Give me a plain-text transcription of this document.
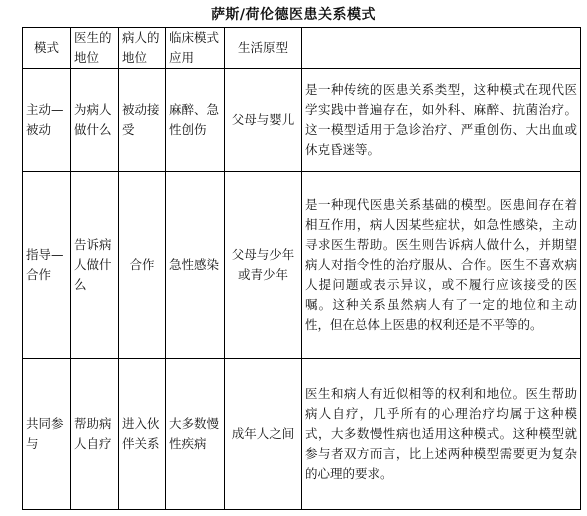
萨斯/荷伦德医患关系模式
模式	医生的地位	病人的地位	临床模式应用	生活原型	
主动—被动	为病人做什么	被动接受	麻醉、急性创伤	父母与婴儿	是一种传统的医患关系类型，这种模式在现代医学实践中普遍存在，如外科、麻醉、抗菌治疗。这一模型适用于急诊治疗、严重创伤、大出血或休克昏迷等。
指导—合作	告诉病人做什么	合作	急性感染	父母与少年或青少年	是一种现代医患关系基础的模型。医患间存在着相互作用，病人因某些症状，如急性感染，主动寻求医生帮助。医生则告诉病人做什么，并期望病人对指令性的治疗服从、合作。医生不喜欢病人提问题或表示异议，或不履行应该接受的医嘱。这种关系虽然病人有了一定的地位和主动性，但在总体上医患的权利还是不平等的。
共同参与	帮助病人自疗	进入伙伴关系	大多数慢性疾病	成年人之间	医生和病人有近似相等的权利和地位。医生帮助病人自疗，几乎所有的心理治疗均属于这种模式，大多数慢性病也适用这种模式。这种模型就参与者双方而言，比上述两种模型需要更为复杂的心理的要求。
